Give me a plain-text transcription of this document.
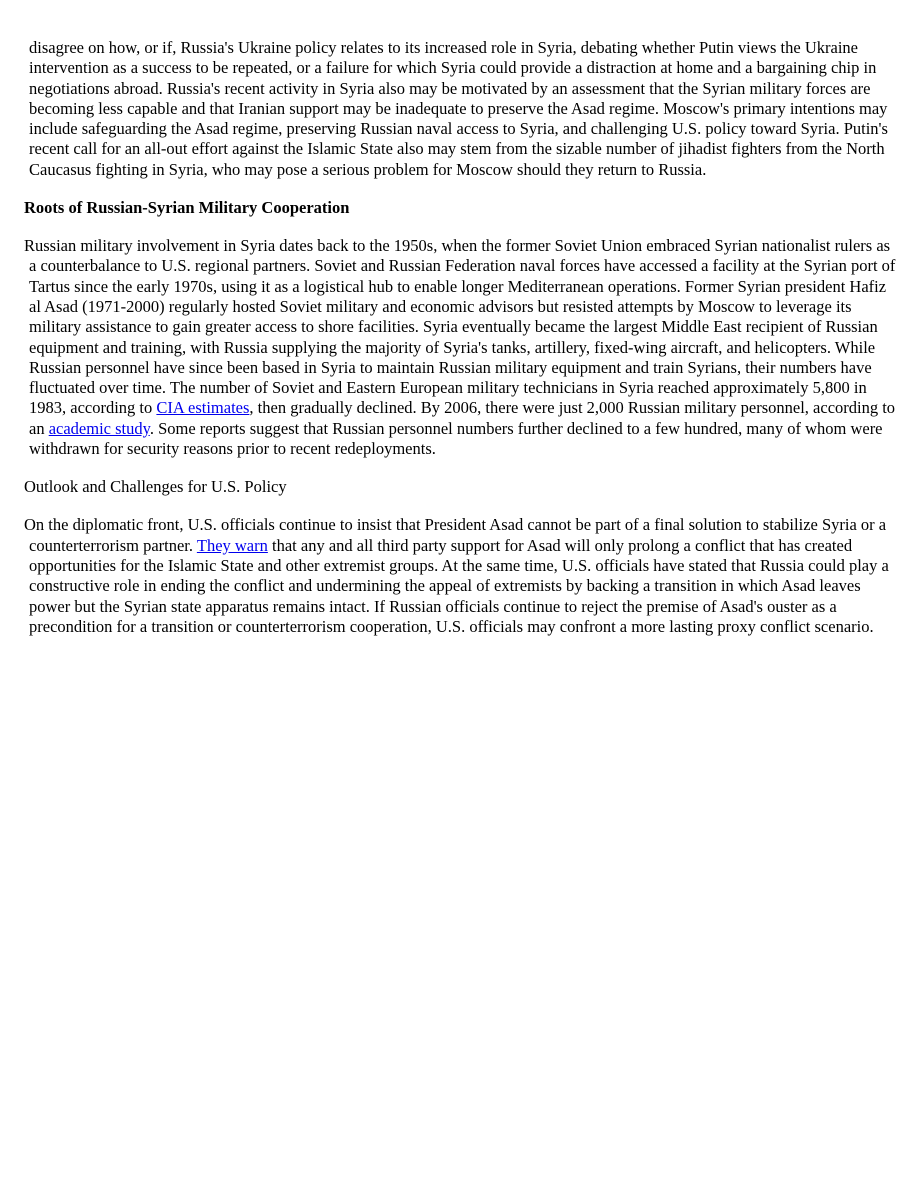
disagree on how, or if, Russia's Ukraine policy relates to its increased role in Syria, debating whether Putin views the Ukraine intervention as a success to be repeated, or a failure for which Syria could provide a distraction at home and a bargaining chip in negotiations abroad. Russia's recent activity in Syria also may be motivated by an assessment that the Syrian military forces are becoming less capable and that Iranian support may be inadequate to preserve the Asad regime. Moscow's primary intentions may include safeguarding the Asad regime, preserving Russian naval access to Syria, and challenging U.S. policy toward Syria. Putin's recent call for an all-out effort against the Islamic State also may stem from the sizable number of jihadist fighters from the North Caucasus fighting in Syria, who may pose a serious problem for Moscow should they return to Russia.

Roots of Russian-Syrian Military Cooperation

Russian military involvement in Syria dates back to the 1950s, when the former Soviet Union embraced Syrian nationalist rulers as a counterbalance to U.S. regional partners. Soviet and Russian Federation naval forces have accessed a facility at the Syrian port of Tartus since the early 1970s, using it as a logistical hub to enable longer Mediterranean operations. Former Syrian president Hafiz al Asad (1971-2000) regularly hosted Soviet military and economic advisors but resisted attempts by Moscow to leverage its military assistance to gain greater access to shore facilities. Syria eventually became the largest Middle East recipient of Russian equipment and training, with Russia supplying the majority of Syria's tanks, artillery, fixed-wing aircraft, and helicopters. While Russian personnel have since been based in Syria to maintain Russian military equipment and train Syrians, their numbers have fluctuated over time. The number of Soviet and Eastern European military technicians in Syria reached approximately 5,800 in 1983, according to CIA estimates, then gradually declined. By 2006, there were just 2,000 Russian military personnel, according to an academic study. Some reports suggest that Russian personnel numbers further declined to a few hundred, many of whom were withdrawn for security reasons prior to recent redeployments.

Outlook and Challenges for U.S. Policy

On the diplomatic front, U.S. officials continue to insist that President Asad cannot be part of a final solution to stabilize Syria or a counterterrorism partner. They warn that any and all third party support for Asad will only prolong a conflict that has created opportunities for the Islamic State and other extremist groups. At the same time, U.S. officials have stated that Russia could play a constructive role in ending the conflict and undermining the appeal of extremists by backing a transition in which Asad leaves power but the Syrian state apparatus remains intact. If Russian officials continue to reject the premise of Asad's ouster as a precondition for a transition or counterterrorism cooperation, U.S. officials may confront a more lasting proxy conflict scenario.
